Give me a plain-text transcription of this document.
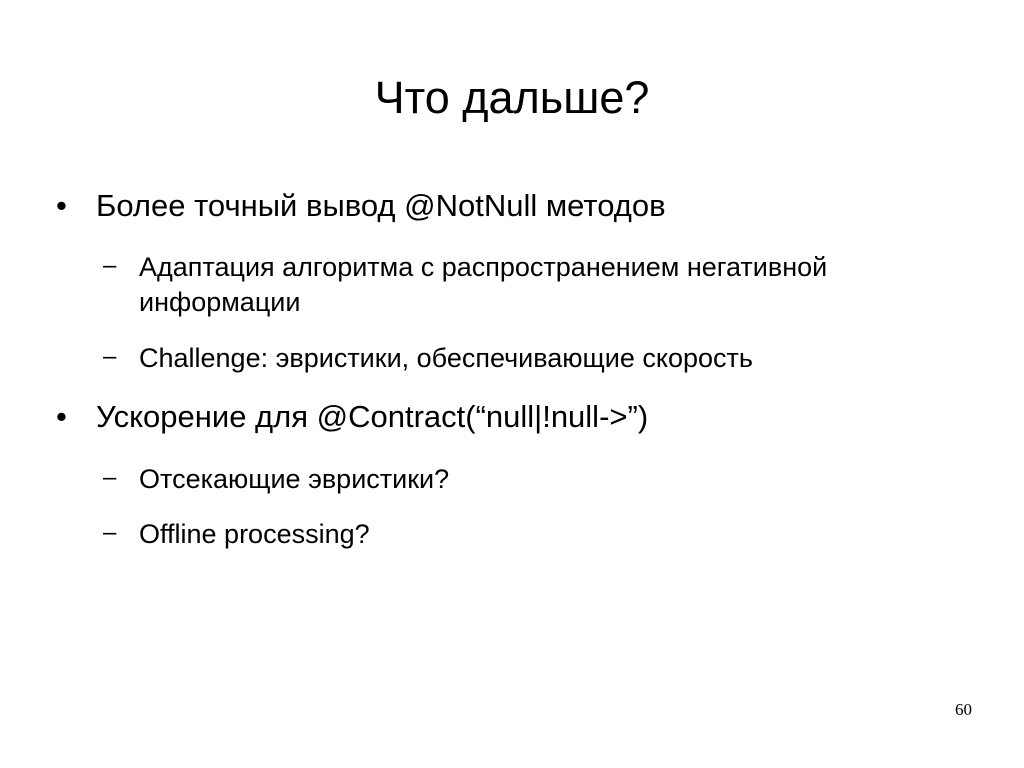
Что дальше?
• Более точный вывод @NotNull методов
– Адаптация алгоритма с распространением негативной информации
– Challenge: эвристики, обеспечивающие скорость
• Ускорение для @Contract(“null|!null->”)
– Отсекающие эвристики?
– Offline processing?
60
